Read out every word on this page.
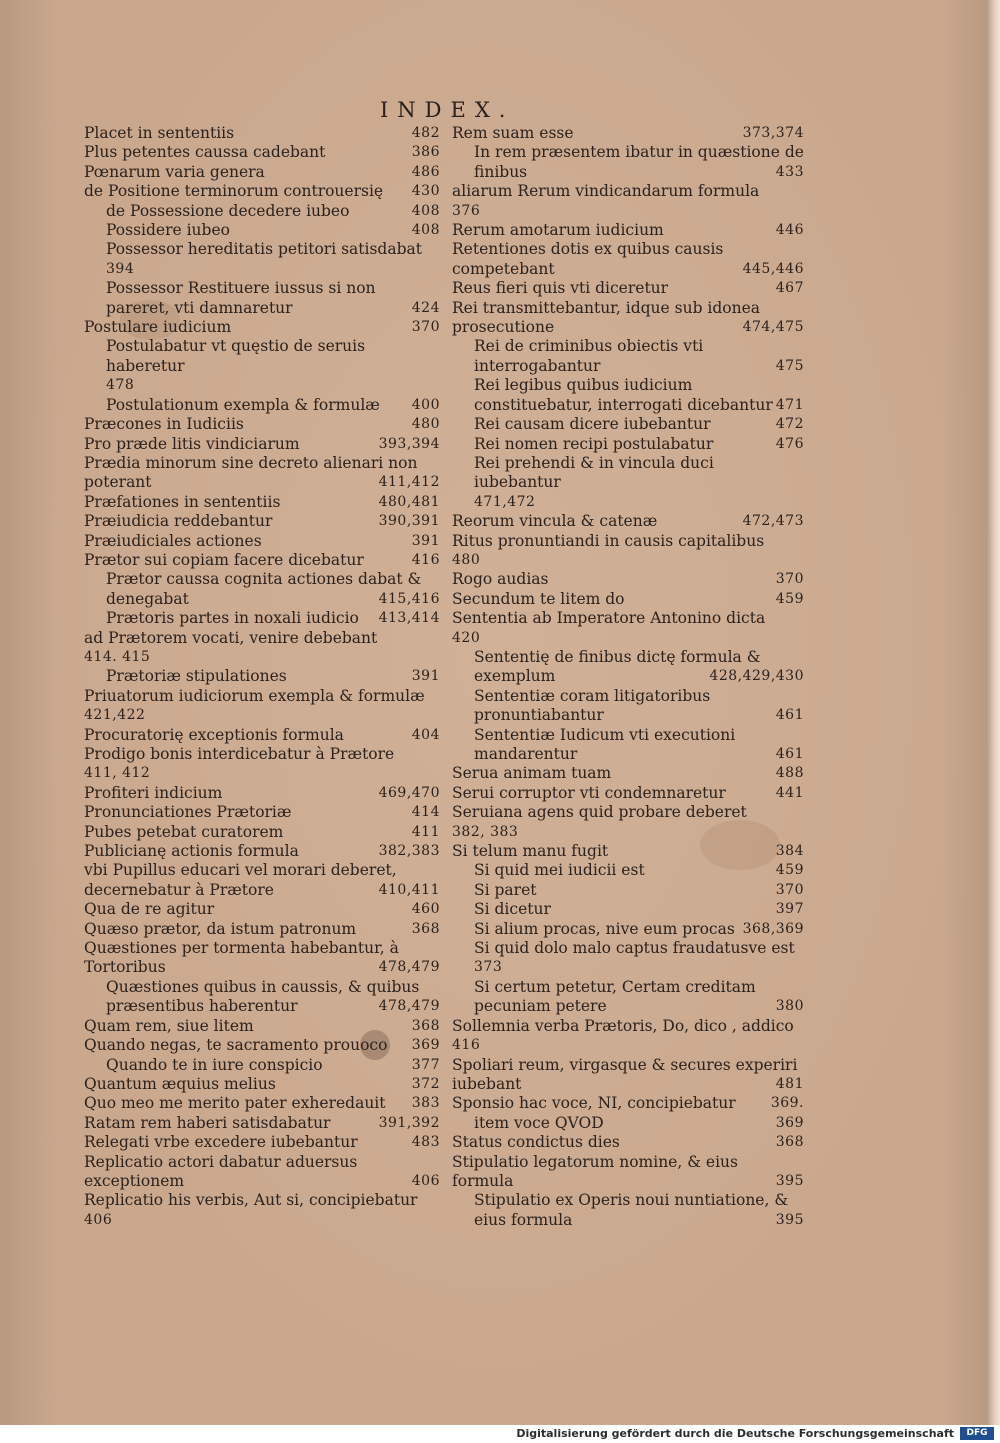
INDEX.
Placet in sententiis	482
Plus petentes caussa cadebant	386
Pœnarum varia genera	486
de Positione terminorum controuersię	430
de Possessione decedere iubeo	408
Possidere iubeo	408
Possessor hereditatis petitori satisdabat
394
Possessor Restituere iussus si non pareret, vti damnaretur	424
Postulare iudicium	370
Postulabatur vt quęstio de seruis haberetur
478
Postulationum exempla & formulæ	400
Præcones in Iudiciis	480
Pro præde litis vindiciarum	393,394
Prædia minorum sine decreto alienari non poterant	411,412
Præfationes in sententiis	480,481
Præiudicia reddebantur	390,391
Præiudiciales actiones	391
Prætor sui copiam facere dicebatur	416
Prætor caussa cognita actiones dabat & denegabat	415,416
Prætoris partes in noxali iudicio	413,414
ad Prætorem vocati, venire debebant
414. 415
Prætoriæ stipulationes	391
Priuatorum iudiciorum exempla & formulæ
421,422
Procuratorię exceptionis formula	404
Prodigo bonis interdicebatur à Prætore
411, 412
Profiteri indicium	469,470
Pronunciationes Prætoriæ	414
Pubes petebat curatorem	411
Publicianę actionis formula	382,383
vbi Pupillus educari vel morari deberet, decernebatur à Prætore	410,411
Qua de re agitur	460
Quæso prætor, da istum patronum	368
Quæstiones per tormenta habebantur, à Tortoribus	478,479
Quæstiones quibus in caussis, & quibus præsentibus haberentur	478,479
Quam rem, siue litem	368
Quando negas, te sacramento prouoco	369
Quando te in iure conspicio	377
Quantum æquius melius	372
Quo meo me merito pater exheredauit	383
Ratam rem haberi satisdabatur	391,392
Relegati vrbe excedere iubebantur	483
Replicatio actori dabatur aduersus exceptionem	406
Replicatio his verbis, Aut si, concipiebatur
406
Rem suam esse	373,374
In rem præsentem ibatur in quæstione de finibus	433
aliarum Rerum vindicandarum formula
376
Rerum amotarum iudicium	446
Retentiones dotis ex quibus causis competebant	445,446
Reus fieri quis vti diceretur	467
Rei transmittebantur, idque sub idonea prosecutione	474,475
Rei de criminibus obiectis vti interrogabantur	475
Rei legibus quibus iudicium constituebatur, interrogati dicebantur 471
Rei causam dicere iubebantur	472
Rei nomen recipi postulabatur	476
Rei prehendi & in vincula duci iubebantur
471,472
Reorum vincula & catenæ	472,473
Ritus pronuntiandi in causis capitalibus
480
Rogo audias	370
Secundum te litem do	459
Sententia ab Imperatore Antonino dicta
420
Sententię de finibus dictę formula & exemplum	428,429,430
Sententiæ coram litigatoribus pronuntiabantur	461
Sententiæ Iudicum vti executioni mandarentur	461
Serua animam tuam	488
Serui corruptor vti condemnaretur	441
Seruiana agens quid probare deberet
382, 383
Si telum manu fugit	384
Si quid mei iudicii est	459
Si paret	370
Si dicetur	397
Si alium procas, nive eum procas 368,369
Si quid dolo malo captus fraudatusve est
373
Si certum petetur, Certam creditam pecuniam petere	380
Sollemnia verba Prætoris, Do, dico , addico
416
Spoliari reum, virgasque & secures experiri iubebant	481
Sponsio hac voce, NI, concipiebatur	369.
item voce QVOD	369
Status condictus dies	368
Stipulatio legatorum nomine, & eius formula	395
Stipulatio ex Operis noui nuntiatione, & eius formula	395
Digitalisierung gefördert durch die Deutsche Forschungsgemeinschaft	DFG
